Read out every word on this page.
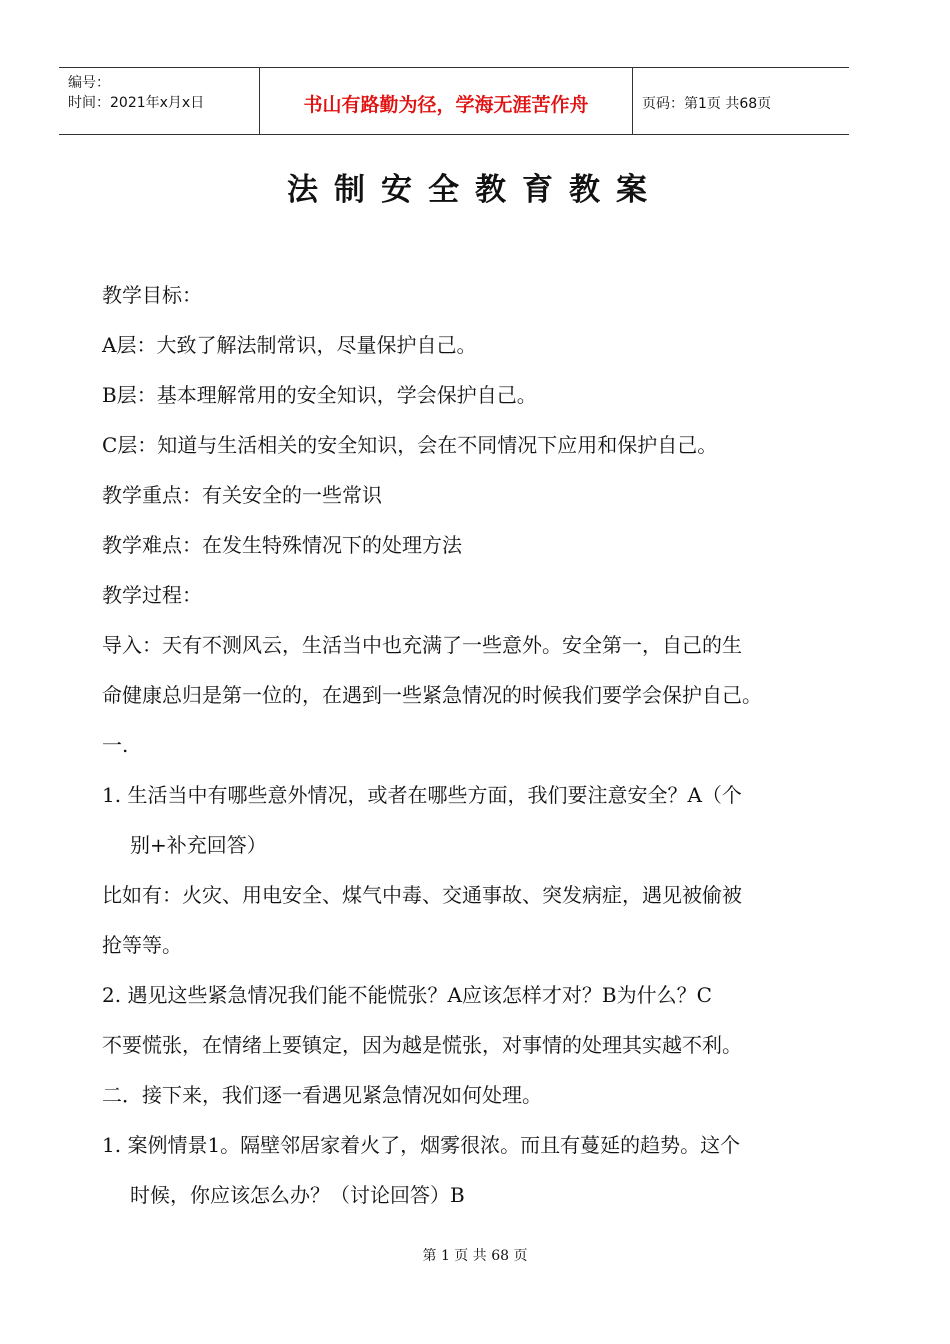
编号：
时间：2021年x月x日	书山有路勤为径，学海无涯苦作舟	页码：第1页 共68页
法制安全教育教案

教学目标：

A层：大致了解法制常识，尽量保护自己。

B层：基本理解常用的安全知识，学会保护自己。

C层：知道与生活相关的安全知识，会在不同情况下应用和保护自己。

教学重点：有关安全的一些常识

教学难点：在发生特殊情况下的处理方法

教学过程：

导入：天有不测风云，生活当中也充满了一些意外。安全第一，自己的生

命健康总归是第一位的，在遇到一些紧急情况的时候我们要学会保护自己。

一.

1. 生活当中有哪些意外情况，或者在哪些方面，我们要注意安全？A（个

别+补充回答）

比如有：火灾、用电安全、煤气中毒、交通事故、突发病症，遇见被偷被

抢等等。

2. 遇见这些紧急情况我们能不能慌张？A应该怎样才对？B为什么？C

不要慌张，在情绪上要镇定，因为越是慌张，对事情的处理其实越不利。

二．接下来，我们逐一看遇见紧急情况如何处理。

1. 案例情景1。隔壁邻居家着火了，烟雾很浓。而且有蔓延的趋势。这个

时候，你应该怎么办？（讨论回答）B

第 1 页 共 68 页
